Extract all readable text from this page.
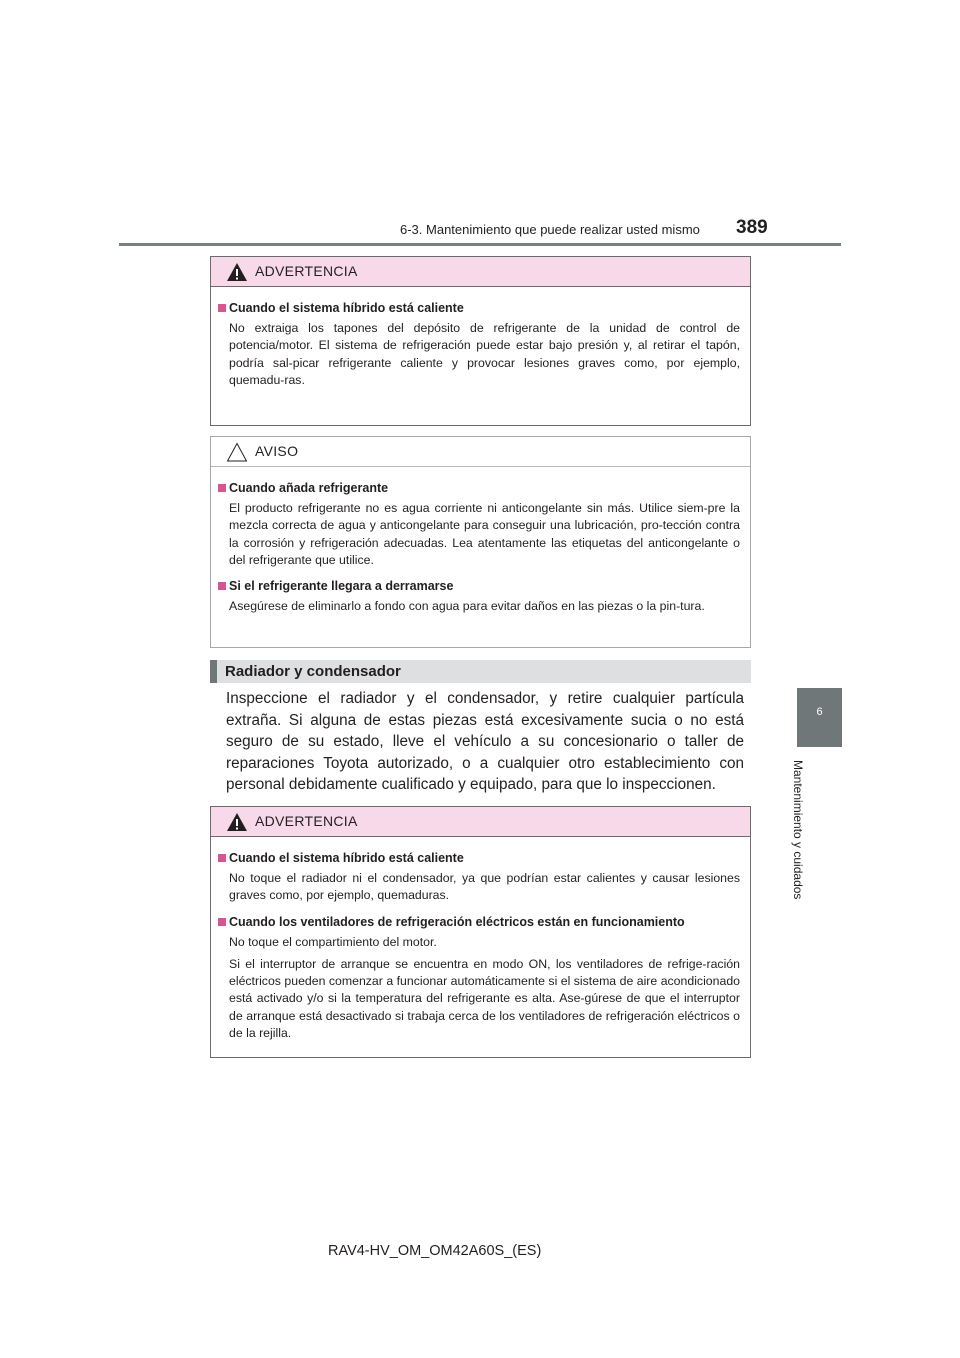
6-3. Mantenimiento que puede realizar usted mismo 389
6
Mantenimiento y cuidados
ADVERTENCIA
Cuando el sistema híbrido está caliente

No extraiga los tapones del depósito de refrigerante de la unidad de control de potencia/motor. El sistema de refrigeración puede estar bajo presión y, al retirar el tapón, podría sal-picar refrigerante caliente y provocar lesiones graves como, por ejemplo, quemadu-ras.

AVISO
Cuando añada refrigerante

El producto refrigerante no es agua corriente ni anticongelante sin más. Utilice siem-pre la mezcla correcta de agua y anticongelante para conseguir una lubricación, pro-tección contra la corrosión y refrigeración adecuadas. Lea atentamente las etiquetas del anticongelante o del refrigerante que utilice.

Si el refrigerante llegara a derramarse

Asegúrese de eliminarlo a fondo con agua para evitar daños en las piezas o la pin-tura.

Radiador y condensador

Inspeccione el radiador y el condensador, y retire cualquier partícula extraña. Si alguna de estas piezas está excesivamente sucia o no está seguro de su estado, lleve el vehículo a su concesionario o taller de reparaciones Toyota autorizado, o a cualquier otro establecimiento con personal debidamente cualificado y equipado, para que lo inspeccionen.

ADVERTENCIA
Cuando el sistema híbrido está caliente

No toque el radiador ni el condensador, ya que podrían estar calientes y causar lesiones graves como, por ejemplo, quemaduras.

Cuando los ventiladores de refrigeración eléctricos están en funcionamiento

No toque el compartimiento del motor.

Si el interruptor de arranque se encuentra en modo ON, los ventiladores de refrige-ración eléctricos pueden comenzar a funcionar automáticamente si el sistema de aire acondicionado está activado y/o si la temperatura del refrigerante es alta. Ase-gúrese de que el interruptor de arranque está desactivado si trabaja cerca de los ventiladores de refrigeración eléctricos o de la rejilla.

RAV4-HV_OM_OM42A60S_(ES)
